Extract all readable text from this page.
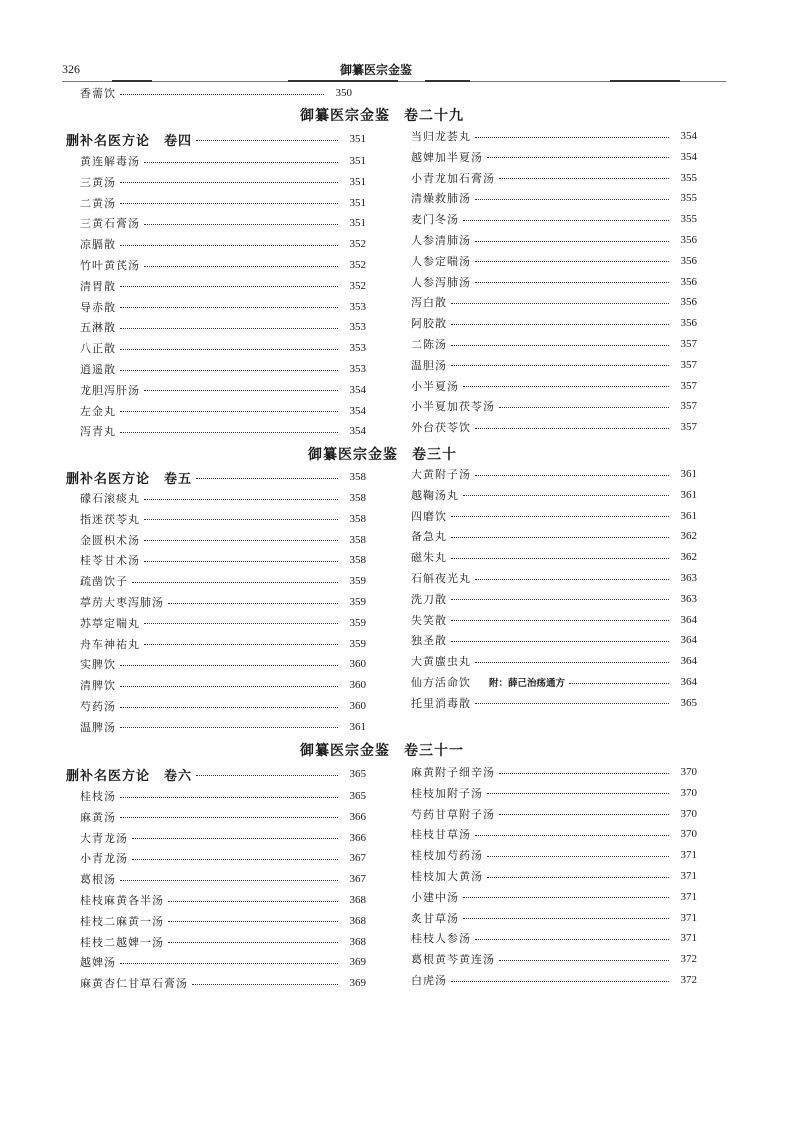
326	御纂医宗金鉴
香薷饮	350
御纂医宗金鉴 卷二十九
删补名医方论 卷四	351
黄连解毒汤	351
三黄汤	351
二黄汤	351
三黄石膏汤	351
凉膈散	352
竹叶黄芪汤	352
清胃散	352
导赤散	353
五淋散	353
八正散	353
逍遥散	353
龙胆泻肝汤	354
左金丸	354
泻青丸	354
当归龙荟丸	354
越婢加半夏汤	354
小青龙加石膏汤	355
清燥救肺汤	355
麦门冬汤	355
人参清肺汤	356
人参定喘汤	356
人参泻肺汤	356
泻白散	356
阿胶散	356
二陈汤	357
温胆汤	357
小半夏汤	357
小半夏加茯苓汤	357
外台茯苓饮	357
御纂医宗金鉴 卷三十
删补名医方论 卷五	358
礞石滚痰丸	358
指迷茯苓丸	358
金匮枳术汤	358
桂苓甘术汤	358
疏凿饮子	359
葶苈大枣泻肺汤	359
苏葶定喘丸	359
舟车神祐丸	359
实脾饮	360
清脾饮	360
芍药汤	360
温脾汤	361
大黄附子汤	361
越鞠汤丸	361
四磨饮	361
备急丸	362
磁朱丸	362
石斛夜光丸	363
洗刀散	363
失笑散	364
独圣散	364
大黄䗪虫丸	364
仙方活命饮	附：薛己治疡通方	364
托里消毒散	365
御纂医宗金鉴 卷三十一
删补名医方论 卷六	365
桂枝汤	365
麻黄汤	366
大青龙汤	366
小青龙汤	367
葛根汤	367
桂枝麻黄各半汤	368
桂枝二麻黄一汤	368
桂枝二越婢一汤	368
越婢汤	369
麻黄杏仁甘草石膏汤	369
麻黄附子细辛汤	370
桂枝加附子汤	370
芍药甘草附子汤	370
桂枝甘草汤	370
桂枝加芍药汤	371
桂枝加大黄汤	371
小建中汤	371
炙甘草汤	371
桂枝人参汤	371
葛根黄芩黄连汤	372
白虎汤	372
